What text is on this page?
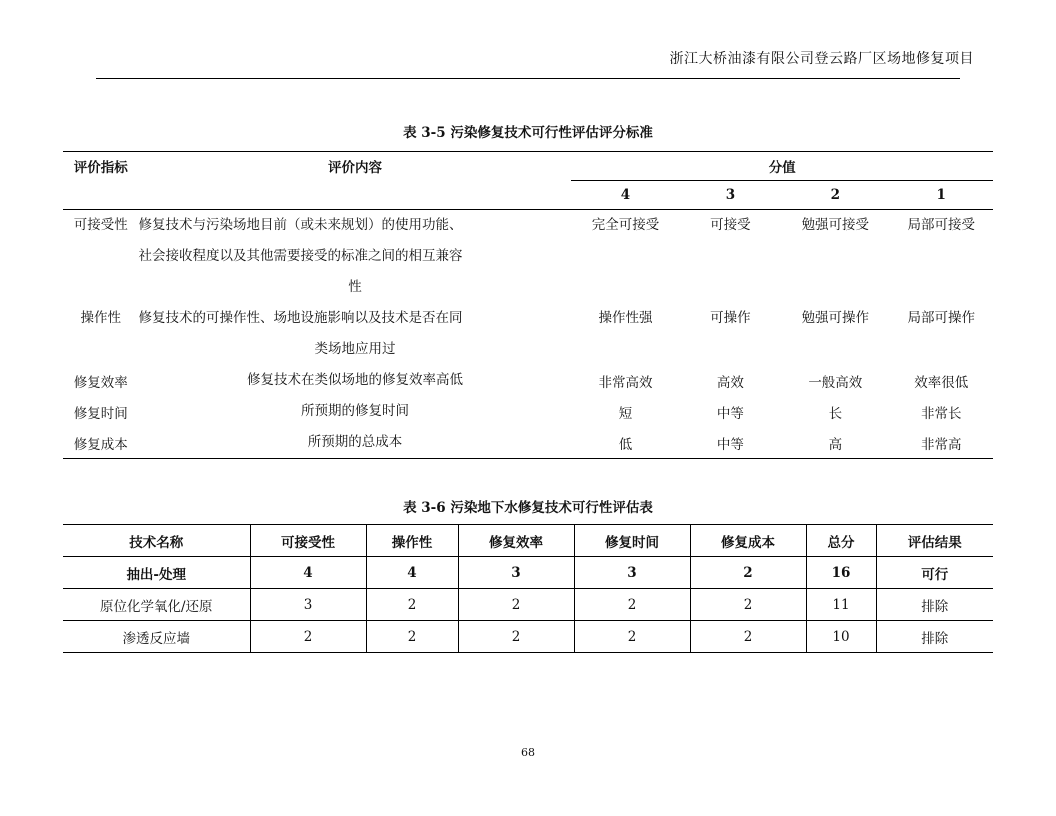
浙江大桥油漆有限公司登云路厂区场地修复项目
表 3-5 污染修复技术可行性评估评分标准
评价指标	评价内容	分值			
		4	3	2	1
可接受性	修复技术与污染场地目前（或未来规划）的使用功能、
社会接收程度以及其他需要接受的标准之间的相互兼容
性	完全可接受	可接受	勉强可接受	局部可接受
操作性	修复技术的可操作性、场地设施影响以及技术是否在同
类场地应用过	操作性强	可操作	勉强可操作	局部可操作
修复效率	修复技术在类似场地的修复效率高低	非常高效	高效	一般高效	效率很低
修复时间	所预期的修复时间	短	中等	长	非常长
修复成本	所预期的总成本	低	中等	高	非常高
表 3-6 污染地下水修复技术可行性评估表
技术名称	可接受性	操作性	修复效率	修复时间	修复成本	总分	评估结果
抽出-处理	4	4	3	3	2	16	可行
原位化学氧化/还原	3	2	2	2	2	11	排除
渗透反应墙	2	2	2	2	2	10	排除
68
